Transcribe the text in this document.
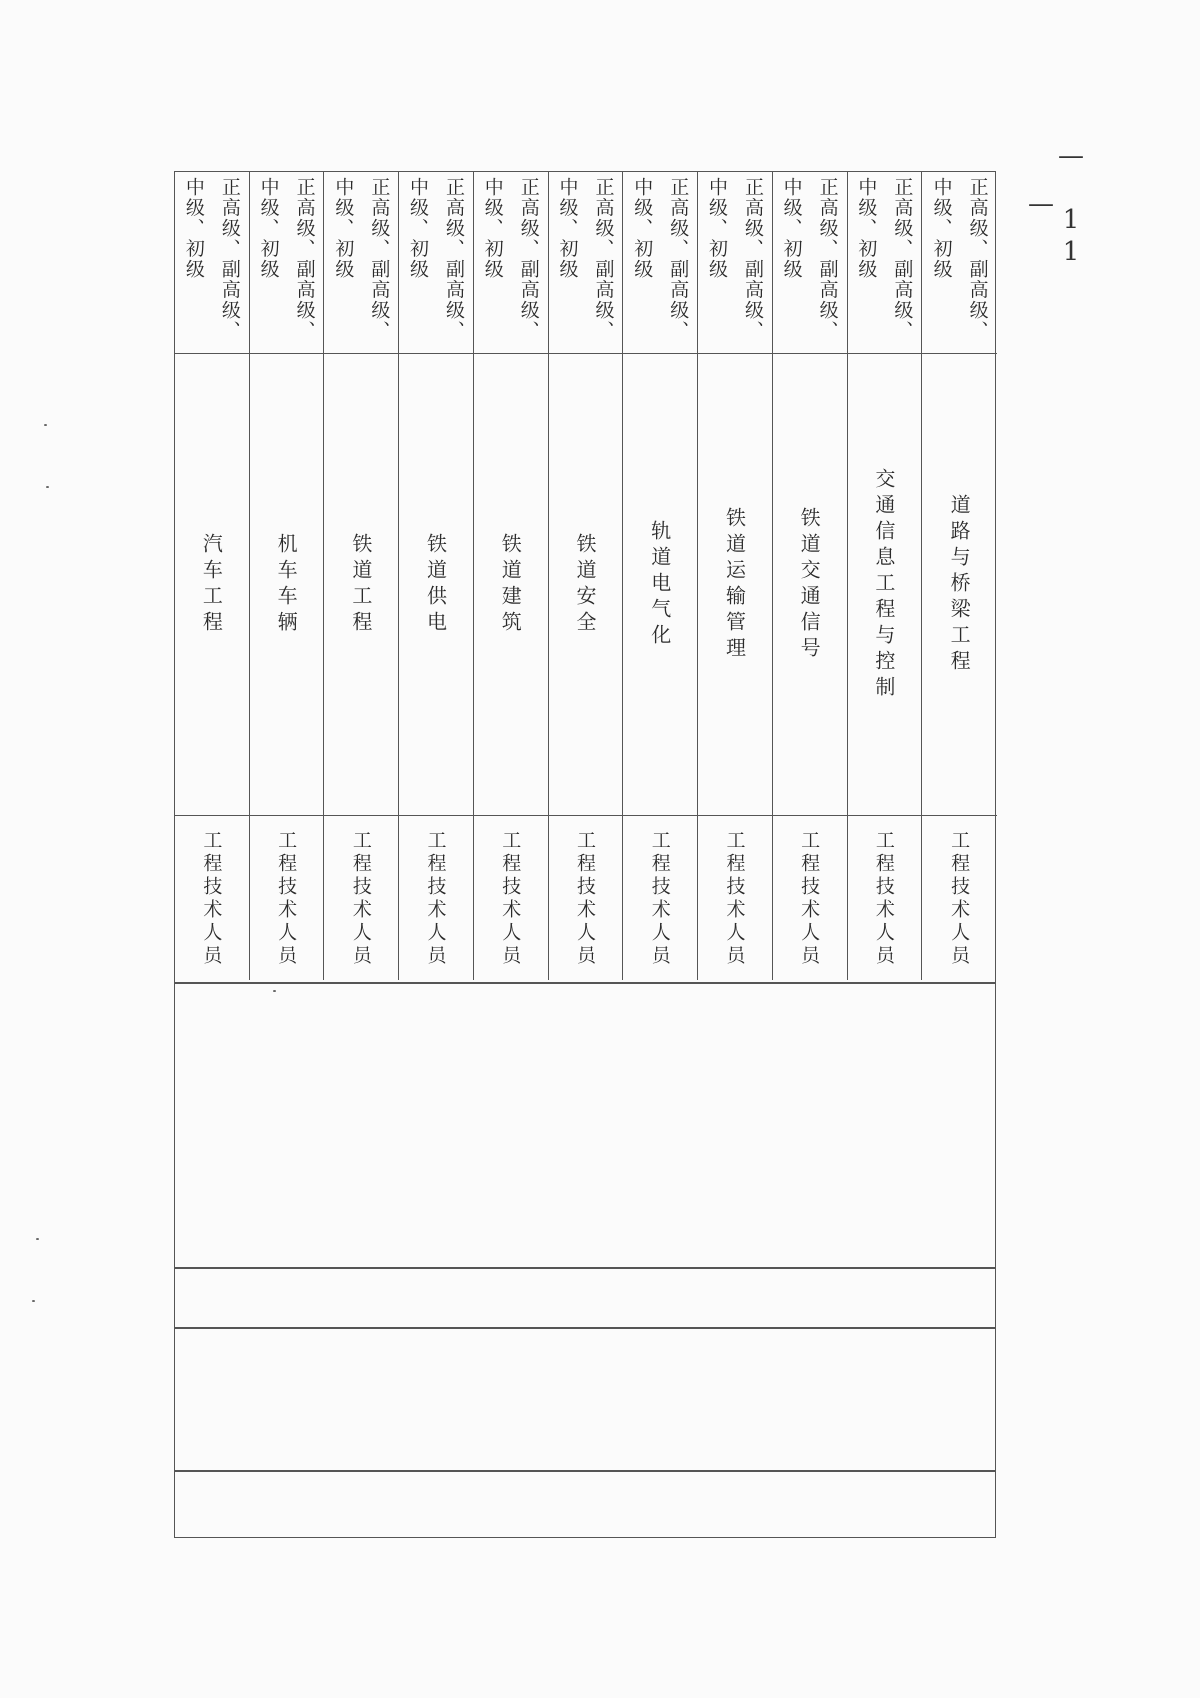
正高级、副高级、中级、初级
汽车工程
工程技术人员
正高级、副高级、中级、初级
机车车辆
工程技术人员
正高级、副高级、中级、初级
铁道工程
工程技术人员
正高级、副高级、中级、初级
铁道供电
工程技术人员
正高级、副高级、中级、初级
铁道建筑
工程技术人员
正高级、副高级、中级、初级
铁道安全
工程技术人员
正高级、副高级、中级、初级
轨道电气化
工程技术人员
正高级、副高级、中级、初级
铁道运输管理
工程技术人员
正高级、副高级、中级、初级
铁道交通信号
工程技术人员
正高级、副高级、中级、初级
交通信息工程与控制
工程技术人员
正高级、副高级、中级、初级
道路与桥梁工程
工程技术人员
— 11 —
